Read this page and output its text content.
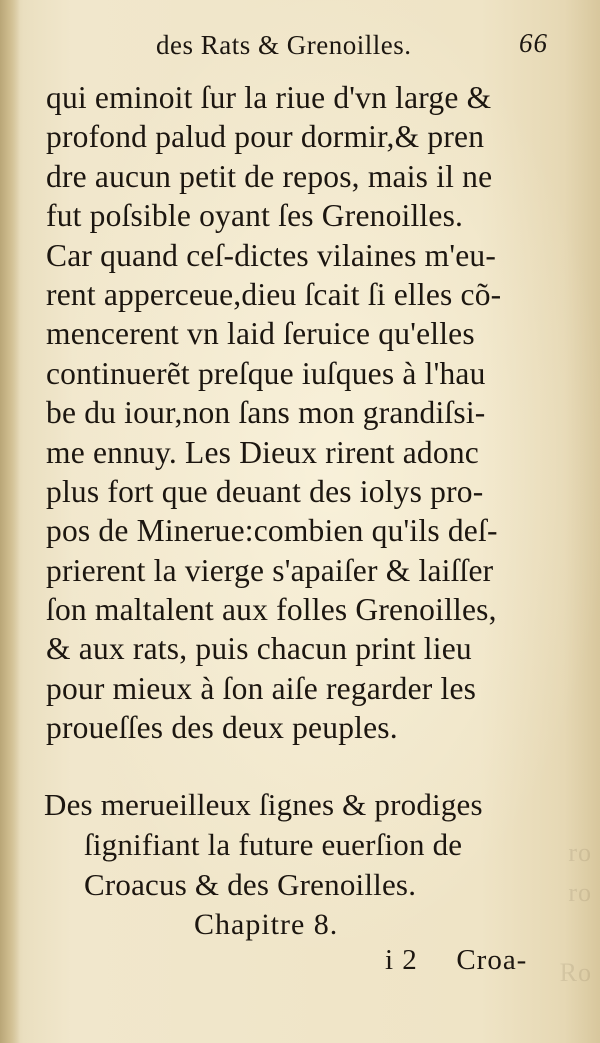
ro
ro
Ro
des Rats & Grenoilles.	66
qui eminoit ſur la riue d'vn large &
profond palud pour dormir,& pren
dre aucun petit de repos, mais il ne
fut poſsible oyant ſes Grenoilles.
Car quand ceſ-dictes vilaines m'eu-
rent apperceue,dieu ſcait ſi elles cõ-
mencerent vn laid ſeruice qu'elles
continuerẽt preſque iuſques à l'hau
be du iour,non ſans mon grandiſsi-
me ennuy. Les Dieux rirent adonc
plus fort que deuant des iolys pro-
pos de Minerue:combien qu'ils deſ-
prierent la vierge s'apaiſer & laiſſer
ſon maltalent aux folles Grenoilles,
& aux rats, puis chacun print lieu
pour mieux à ſon aiſe regarder les
proueſſes des deux peuples.
Des merueilleux ſignes & prodiges
ſignifiant la future euerſion de
Croacus & des Grenoilles.
Chapitre 8.
i 2 Croa-
